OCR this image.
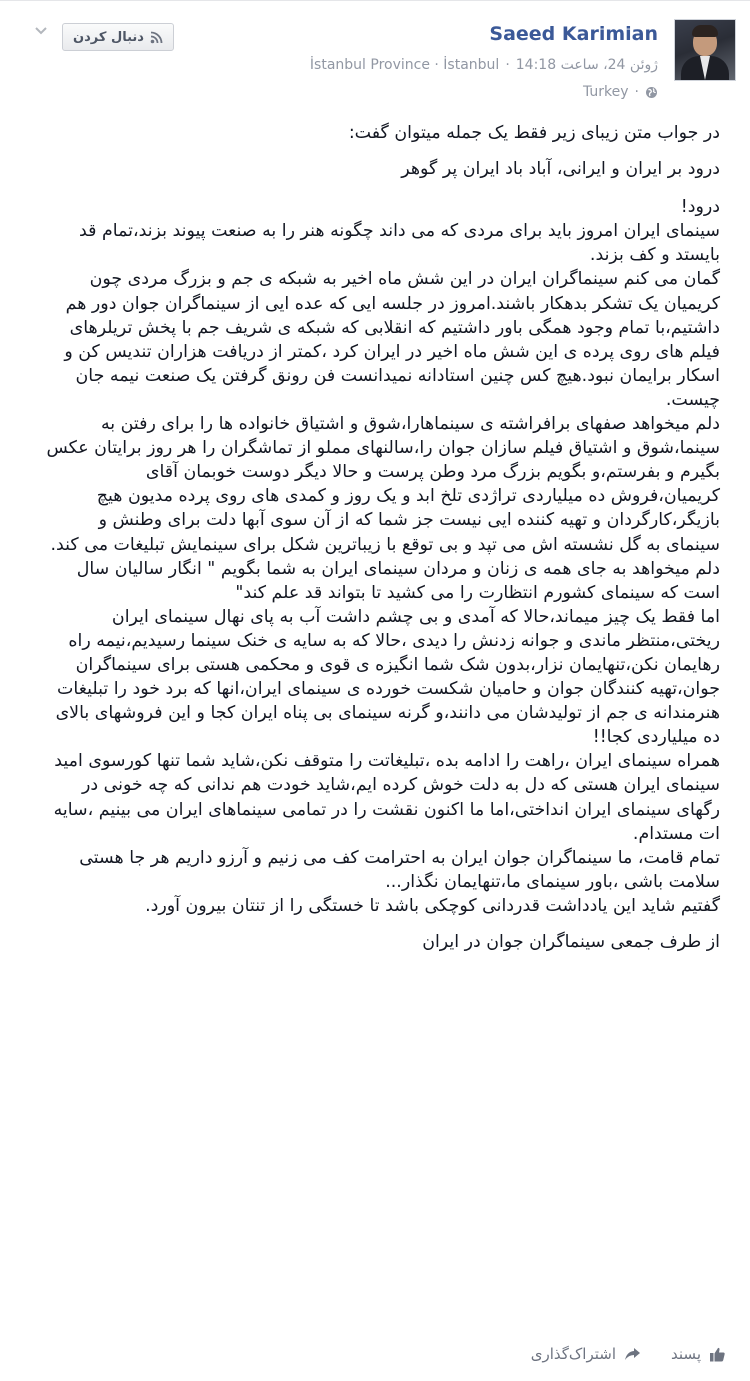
دنبال کردن	Saeed Karimian
İstanbul Province · İstanbul · ژوئن 24، ساعت 14:18
Turkey ·

در جواب متن زیبای زیر فقط یک جمله میتوان گفت:

درود بر ایران و ایرانی، آباد باد ایران پر گوهر

درود!

سینمای ایران امروز باید برای مردی که می داند چگونه هنر را به صنعت پیوند بزند،تمام قد بایستد و کف بزند.

گمان می کنم سینماگران ایران در این شش ماه اخیر به شبکه ی جم و بزرگ مردی چون کریمیان یک تشکر بدهکار باشند.امروز در جلسه ایی که عده ایی از سینماگران جوان دور هم داشتیم،با تمام وجود همگی باور داشتیم که انقلابی که شبکه ی شریف جم با پخش تریلرهای فیلم های روی پرده ی این شش ماه اخیر در ایران کرد ،کمتر از دریافت هزاران تندیس کن و اسکار برایمان نبود.هیچ کس چنین استادانه نمیدانست فن رونق گرفتن یک صنعت نیمه جان چیست.

دلم میخواهد صفهای برافراشته ی سینماهارا،شوق و اشتیاق خانواده ها را برای رفتن به سینما،شوق و اشتیاق فیلم سازان جوان را،سالنهای مملو از تماشگران را هر روز برایتان عکس بگیرم و بفرستم،و بگویم بزرگ مرد وطن پرست و حالا دیگر دوست خوبمان آقای کریمیان،فروش ده میلیاردی تراژدی تلخ ابد و یک روز و کمدی های روی پرده مدیون هیچ بازیگر،کارگردان و تهیه کننده ایی نیست جز شما که از آن سوی آبها دلت برای وطنش و سینمای به گل نشسته اش می تپد و بی توقع با زیباترین شکل برای سینمایش تبلیغات می کند.

دلم میخواهد به جای همه ی زنان و مردان سینمای ایران به شما بگویم " انگار سالیان سال است که سینمای کشورم انتظارت را می کشید تا بتواند قد علم کند"

اما فقط یک چیز میماند،حالا که آمدی و بی چشم داشت آب به پای نهال سینمای ایران ریختی،منتظر ماندی و جوانه زدنش را دیدی ،حالا که به سایه ی خنک سینما رسیدیم،نیمه راه رهایمان نکن،تنهایمان نزار،بدون شک شما انگیزه ی قوی و محکمی هستی برای سینماگران جوان،تهیه کنندگان جوان و حامیان شکست خورده ی سینمای ایران،انها که برد خود را تبلیغات هنرمندانه ی جم از تولیدشان می دانند،و گرنه سینمای بی پناه ایران کجا و این فروشهای بالای ده میلیاردی کجا!!

همراه سینمای ایران ،راهت را ادامه بده ،تبلیغاتت را متوقف نکن،شاید شما تنها کورسوی امید سینمای ایران هستی که دل به دلت خوش کرده ایم،شاید خودت هم ندانی که چه خونی در رگهای سینمای ایران انداختی،اما ما اکنون نقشت را در تمامی سینماهای ایران می بینیم ،سایه ات مستدام.

تمام قامت، ما سینماگران جوان ایران به احترامت کف می زنیم و آرزو داریم هر جا هستی سلامت باشی ،باور سینمای ما،تنهایمان نگذار...

گفتیم شاید این یادداشت قدردانی کوچکی باشد تا خستگی را از تنتان بیرون آورد.

از طرف جمعی سینماگران جوان در ایران

پسند
اشتراک‌گذاری
